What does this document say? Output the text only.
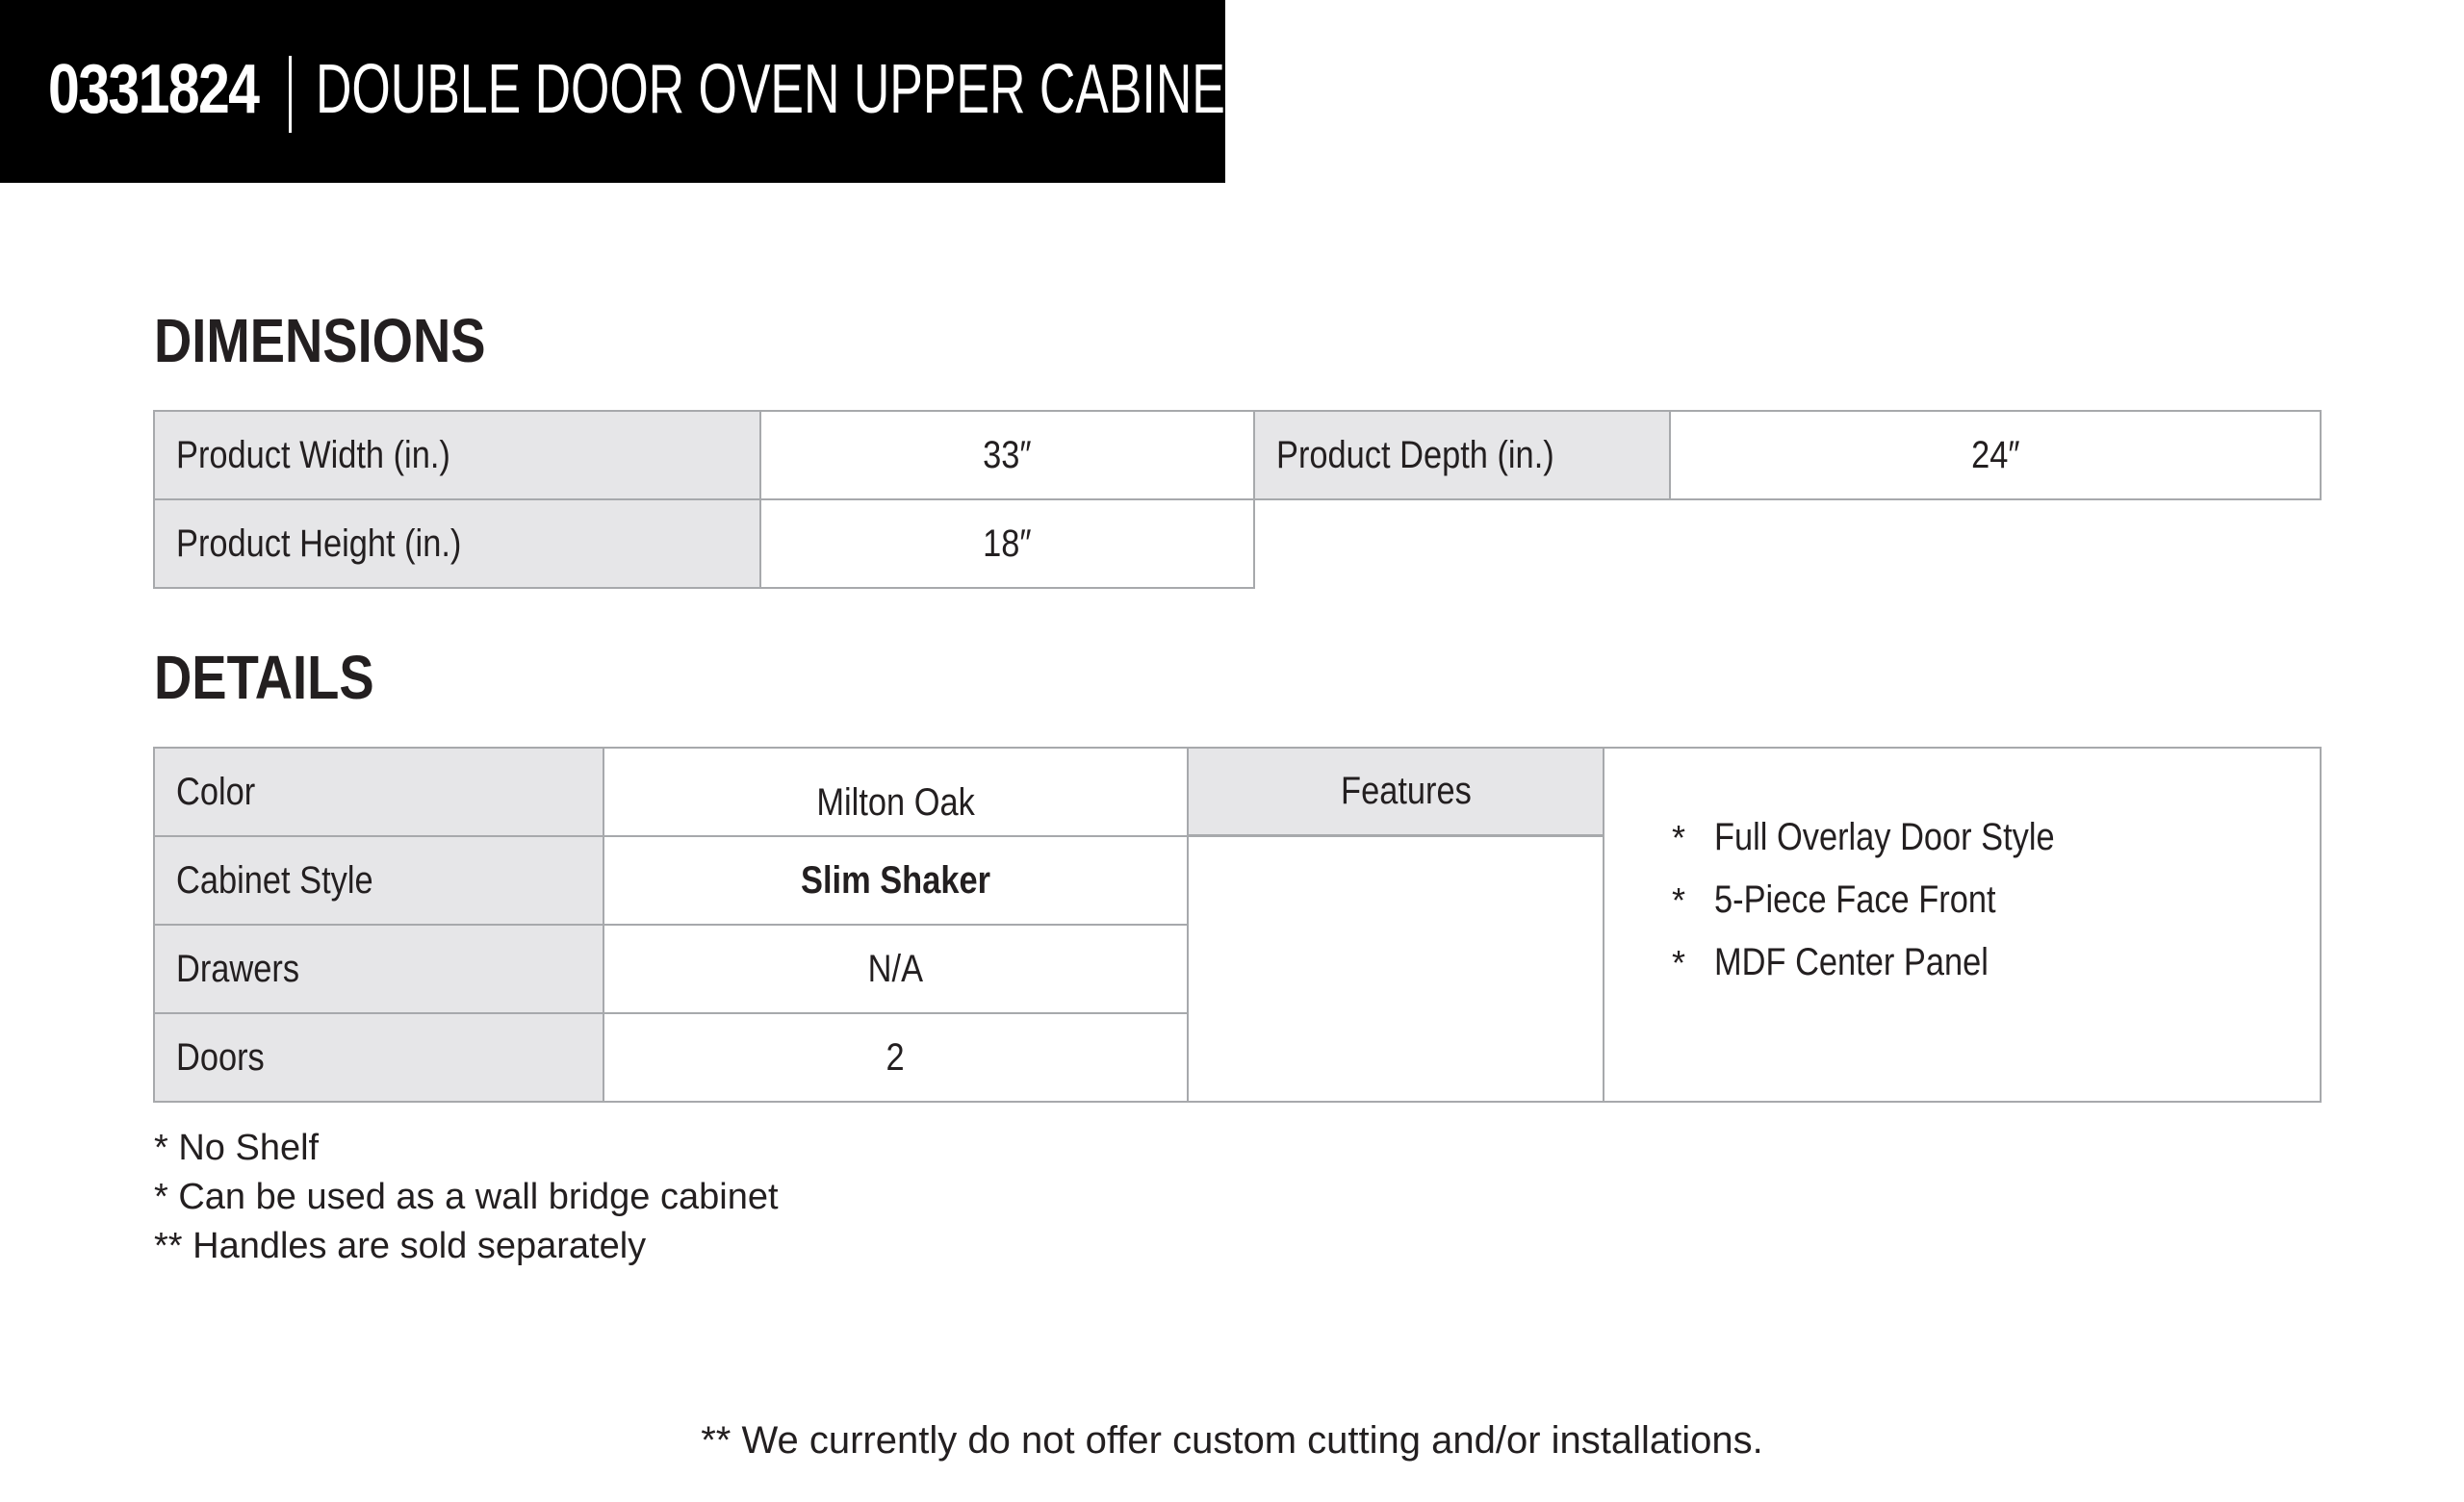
0331824 DOUBLE DOOR OVEN UPPER CABINET
DIMENSIONS
Product Width (in.)	33″	Product Depth (in.)	24″
Product Height (in.)	18″
DETAILS
Color	Milton Oak
Cabinet Style	Slim Shaker
Drawers	N/A
Doors	2
Features
* Full Overlay Door Style
* 5-Piece Face Front
* MDF Center Panel
* No Shelf
* Can be used as a wall bridge cabinet
** Handles are sold separately
** We currently do not offer custom cutting and/or installations.
